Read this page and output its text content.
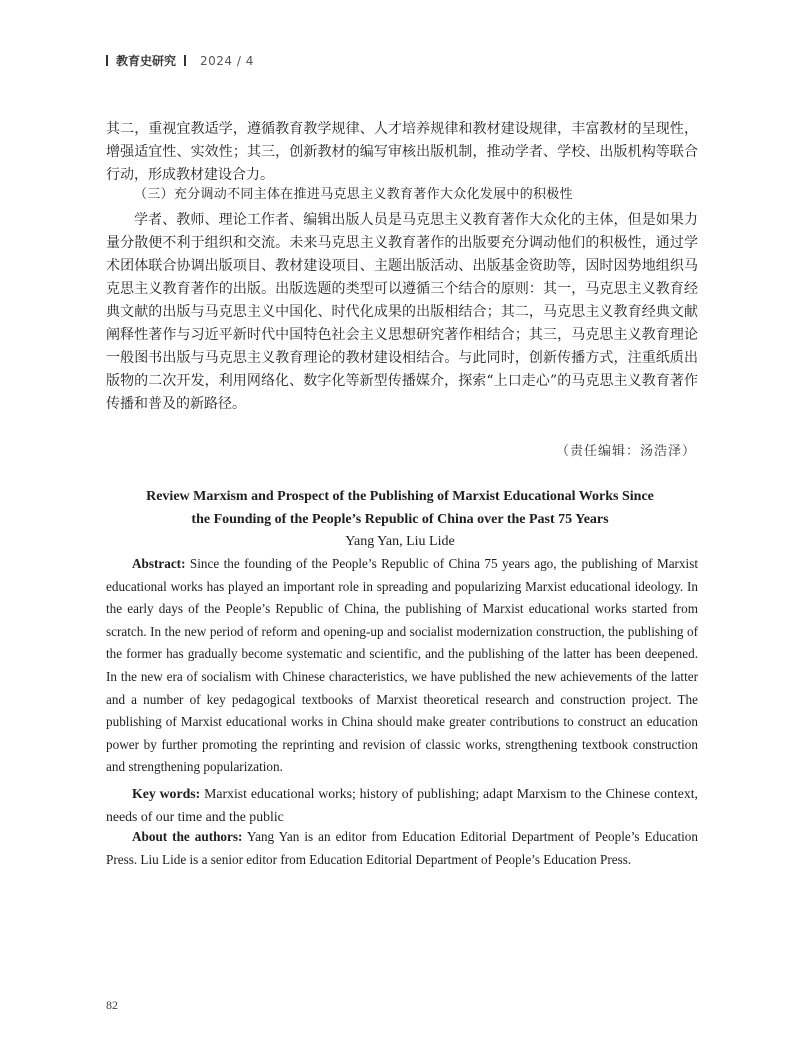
教育史研究 2024 / 4

其二，重视宜教适学，遵循教育教学规律、人才培养规律和教材建设规律，丰富教材的呈现性，增强适宜性、实效性；其三，创新教材的编写审核出版机制，推动学者、学校、出版机构等联合行动，形成教材建设合力。

（三）充分调动不同主体在推进马克思主义教育著作大众化发展中的积极性

学者、教师、理论工作者、编辑出版人员是马克思主义教育著作大众化的主体，但是如果力量分散便不利于组织和交流。未来马克思主义教育著作的出版要充分调动他们的积极性，通过学术团体联合协调出版项目、教材建设项目、主题出版活动、出版基金资助等，因时因势地组织马克思主义教育著作的出版。出版选题的类型可以遵循三个结合的原则：其一，马克思主义教育经典文献的出版与马克思主义中国化、时代化成果的出版相结合；其二，马克思主义教育经典文献阐释性著作与习近平新时代中国特色社会主义思想研究著作相结合；其三，马克思主义教育理论一般图书出版与马克思主义教育理论的教材建设相结合。与此同时，创新传播方式，注重纸质出版物的二次开发，利用网络化、数字化等新型传播媒介，探索“上口走心”的马克思主义教育著作传播和普及的新路径。

（责任编辑：汤浩泽）

Review Marxism and Prospect of the Publishing of Marxist Educational Works Since

the Founding of the People’s Republic of China over the Past 75 Years

Yang Yan, Liu Lide

Abstract: Since the founding of the People’s Republic of China 75 years ago, the publishing of Marxist educational works has played an important role in spreading and popularizing Marxist educational ideology. In the early days of the People’s Republic of China, the publishing of Marxist educational works started from scratch. In the new period of reform and opening-up and socialist modernization construction, the publishing of the former has gradually become systematic and scientific, and the publishing of the latter has been deepened. In the new era of socialism with Chinese characteristics, we have published the new achievements of the latter and a number of key pedagogical textbooks of Marxist theoretical research and construction project. The publishing of Marxist educational works in China should make greater contributions to construct an education power by further promoting the reprinting and revision of classic works, strengthening textbook construction and strengthening popularization.

Key words: Marxist educational works; history of publishing; adapt Marxism to the Chinese context, needs of our time and the public

About the authors: Yang Yan is an editor from Education Editorial Department of People’s Education Press. Liu Lide is a senior editor from Education Editorial Department of People’s Education Press.

82
